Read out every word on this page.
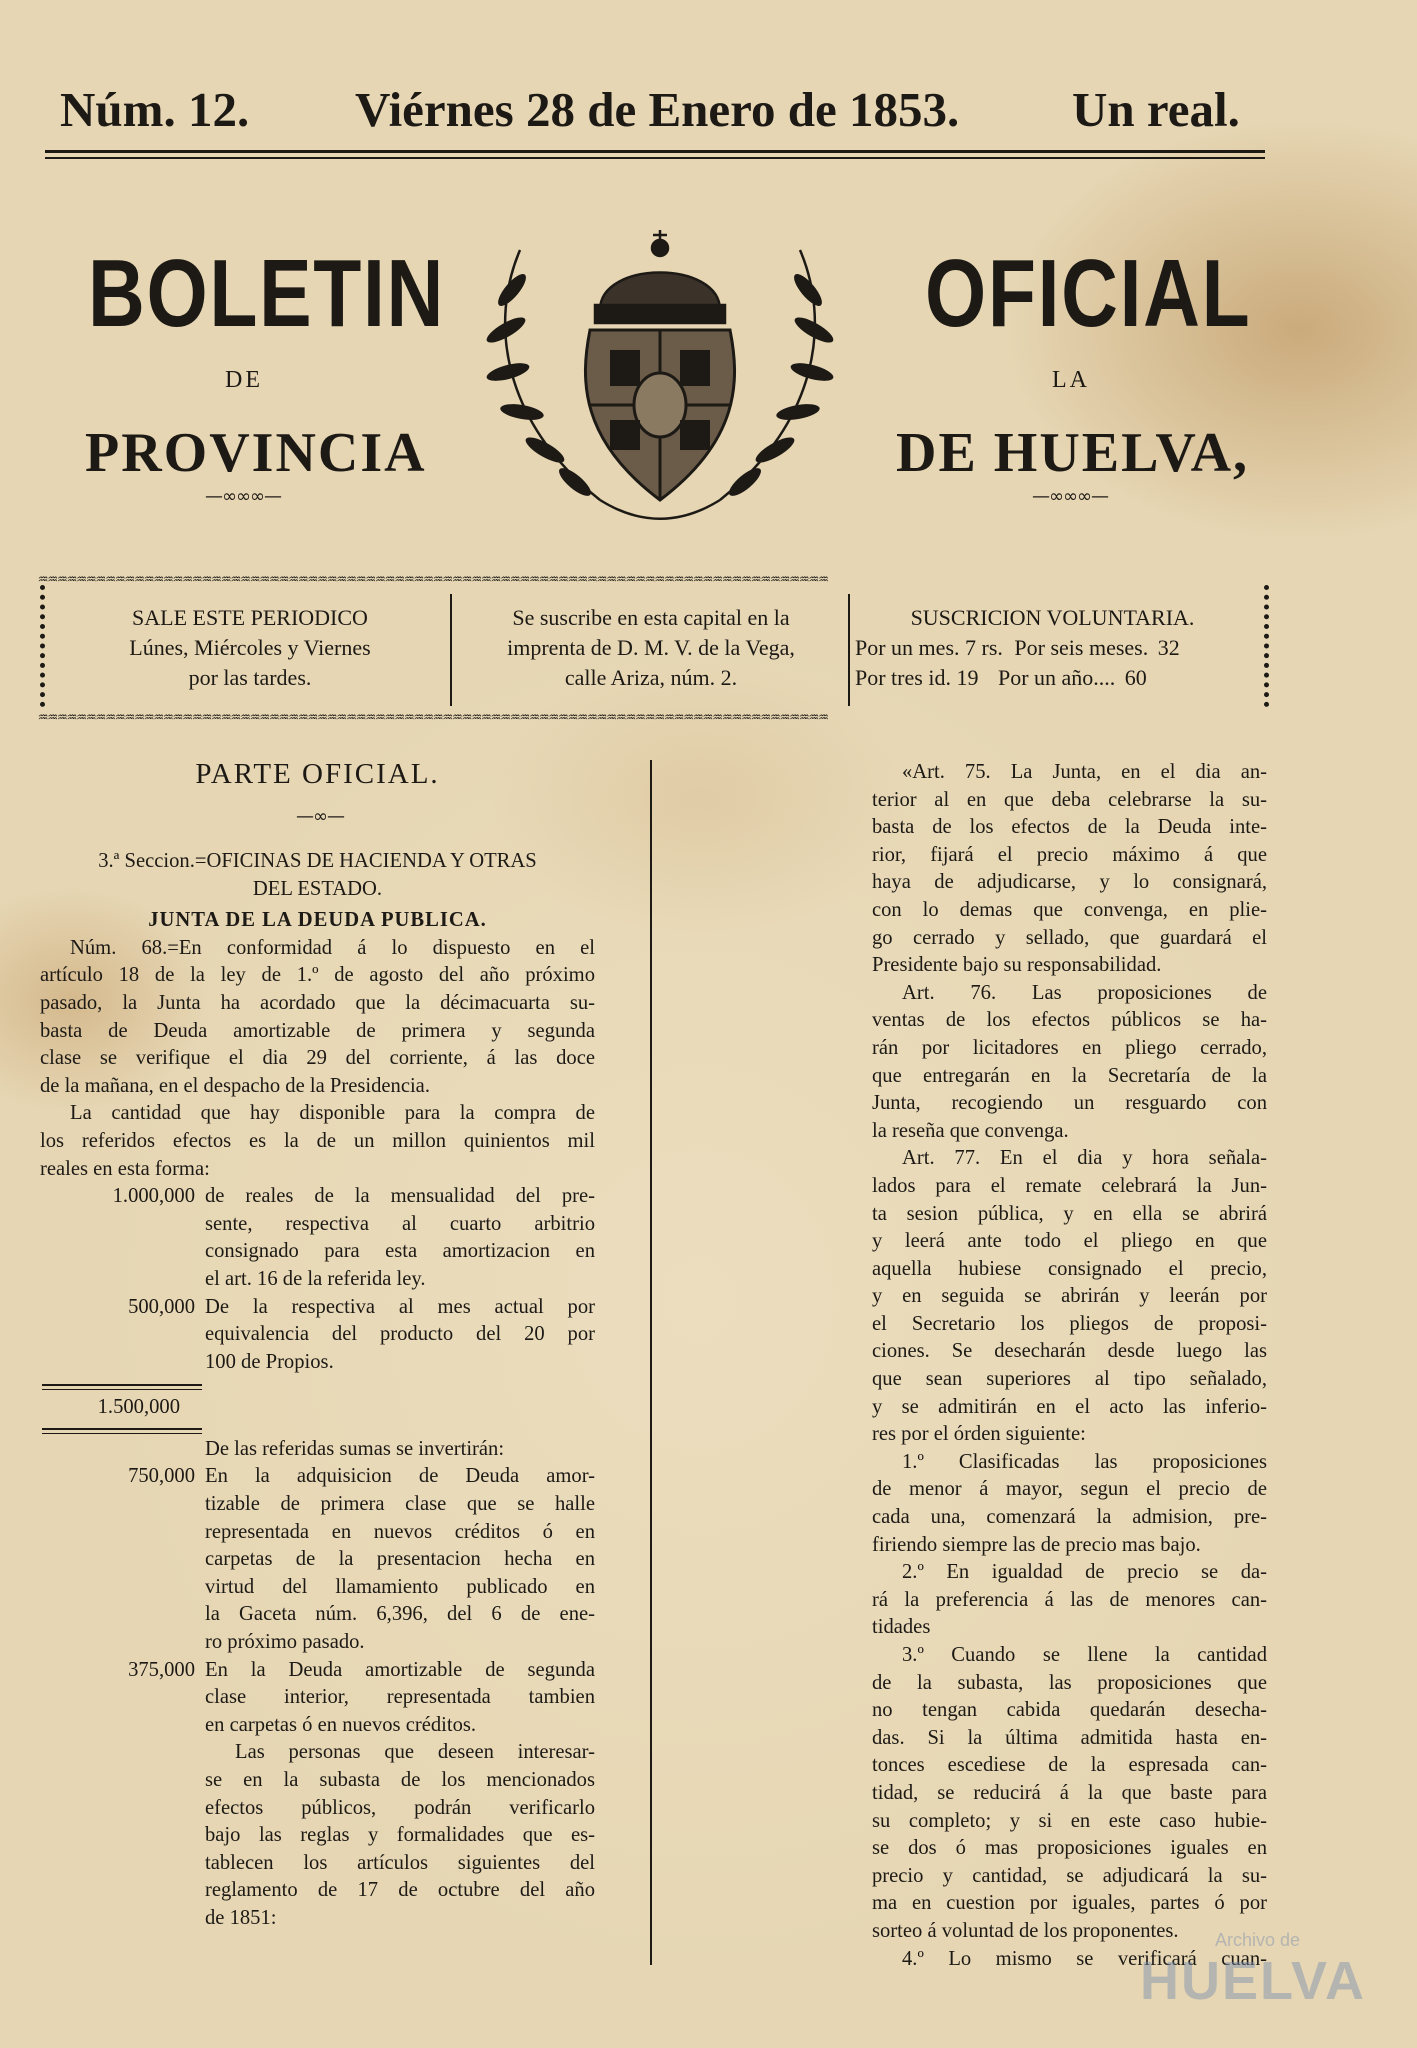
Núm. 12. Viérnes 28 de Enero de 1853. Un real.
BOLETIN	OFICIAL
DE	LA
PROVINCIA	DE HUELVA,
—∞∞∞—	—∞∞∞—
♒♒♒♒♒♒♒♒♒♒♒♒♒♒♒♒♒♒♒♒♒♒♒♒♒♒♒♒♒♒♒♒♒♒♒♒♒♒♒♒♒♒♒♒♒♒♒♒♒♒♒♒♒♒♒♒♒♒♒♒♒♒♒♒♒♒♒♒♒♒♒♒♒♒♒♒♒♒♒♒♒♒
♒♒♒♒♒♒♒♒♒♒♒♒♒♒♒♒♒♒♒♒♒♒♒♒♒♒♒♒♒♒♒♒♒♒♒♒♒♒♒♒♒♒♒♒♒♒♒♒♒♒♒♒♒♒♒♒♒♒♒♒♒♒♒♒♒♒♒♒♒♒♒♒♒♒♒♒♒♒♒♒♒♒
SALE ESTE PERIODICO
Lúnes, Miércoles y Viernes
por las tardes.
Se suscribe en esta capital en la
imprenta de D. M. V. de la Vega,
calle Ariza, núm. 2.
SUSCRICION VOLUNTARIA.
Por un mes. 7 rs. Por seis meses. 32
Por tres id. 19 Por un año.... 60
PARTE OFICIAL.
—∞—
3.ª Seccion.=OFICINAS DE HACIENDA Y OTRAS
DEL ESTADO.
JUNTA DE LA DEUDA PUBLICA.
Núm. 68.=En conformidad á lo dispuesto en el
artículo 18 de la ley de 1.º de agosto del año próximo
pasado, la Junta ha acordado que la décimacuarta su-
basta de Deuda amortizable de primera y segunda
clase se verifique el dia 29 del corriente, á las doce
de la mañana, en el despacho de la Presidencia.
La cantidad que hay disponible para la compra de
los referidos efectos es la de un millon quinientos mil
reales en esta forma:
1.000,000 de reales de la mensualidad del pre-
sente, respectiva al cuarto arbitrio
consignado para esta amortizacion en
el art. 16 de la referida ley.
500,000 De la respectiva al mes actual por
equivalencia del producto del 20 por
100 de Propios.
1.500,000
De las referidas sumas se invertirán:
750,000 En la adquisicion de Deuda amor-
tizable de primera clase que se halle
representada en nuevos créditos ó en
carpetas de la presentacion hecha en
virtud del llamamiento publicado en
la Gaceta núm. 6,396, del 6 de ene-
ro próximo pasado.
375,000 En la Deuda amortizable de segunda
clase interior, representada tambien
en carpetas ó en nuevos créditos.
Las personas que deseen interesar-
se en la subasta de los mencionados
efectos públicos, podrán verificarlo
bajo las reglas y formalidades que es-
tablecen los artículos siguientes del
reglamento de 17 de octubre del año
de 1851:
«Art. 75. La Junta, en el dia an-
terior al en que deba celebrarse la su-
basta de los efectos de la Deuda inte-
rior, fijará el precio máximo á que
haya de adjudicarse, y lo consignará,
con lo demas que convenga, en plie-
go cerrado y sellado, que guardará el
Presidente bajo su responsabilidad.
Art. 76. Las proposiciones de
ventas de los efectos públicos se ha-
rán por licitadores en pliego cerrado,
que entregarán en la Secretaría de la
Junta, recogiendo un resguardo con
la reseña que convenga.
Art. 77. En el dia y hora señala-
lados para el remate celebrará la Jun-
ta sesion pública, y en ella se abrirá
y leerá ante todo el pliego en que
aquella hubiese consignado el precio,
y en seguida se abrirán y leerán por
el Secretario los pliegos de proposi-
ciones. Se desecharán desde luego las
que sean superiores al tipo señalado,
y se admitirán en el acto las inferio-
res por el órden siguiente:
1.º Clasificadas las proposiciones
de menor á mayor, segun el precio de
cada una, comenzará la admision, pre-
firiendo siempre las de precio mas bajo.
2.º En igualdad de precio se da-
rá la preferencia á las de menores can-
tidades
3.º Cuando se llene la cantidad
de la subasta, las proposiciones que
no tengan cabida quedarán desecha-
das. Si la última admitida hasta en-
tonces escediese de la espresada can-
tidad, se reducirá á la que baste para
su completo; y si en este caso hubie-
se dos ó mas proposiciones iguales en
precio y cantidad, se adjudicará la su-
ma en cuestion por iguales, partes ó por
sorteo á voluntad de los proponentes.
4.º Lo mismo se verificará cuan-
Archivo de
HUELVA
